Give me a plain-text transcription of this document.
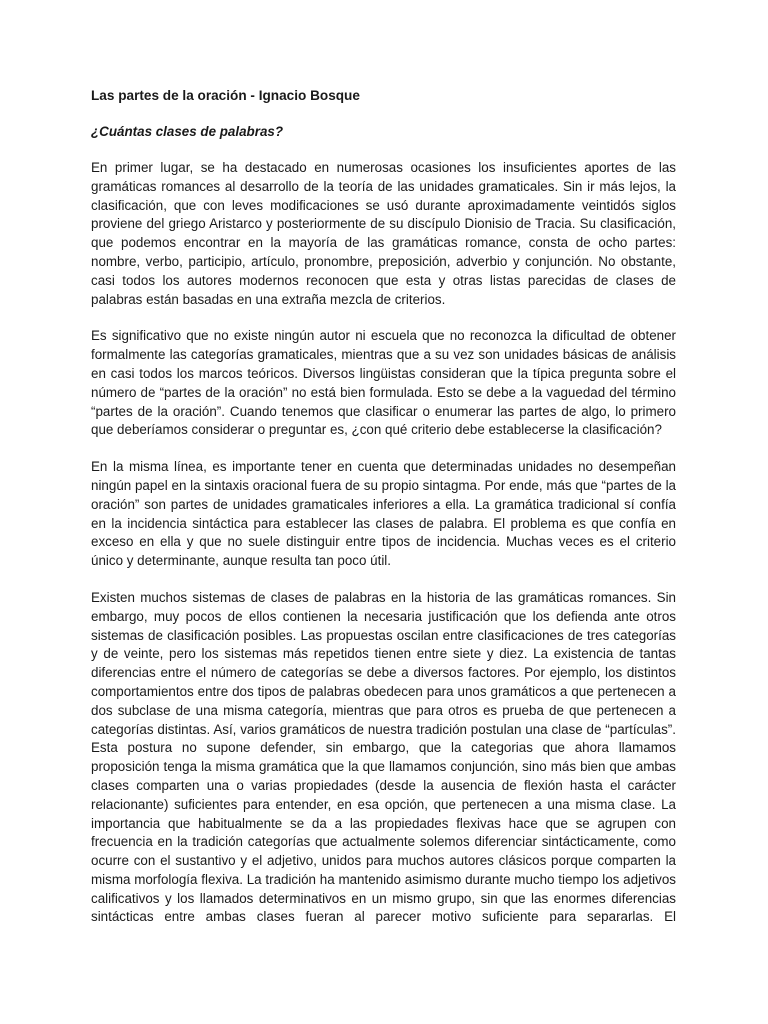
Las partes de la oración - Ignacio Bosque
¿Cuántas clases de palabras?

En primer lugar, se ha destacado en numerosas ocasiones los insuficientes aportes de las gramáticas romances al desarrollo de la teoría de las unidades gramaticales. Sin ir más lejos, la clasificación, que con leves modificaciones se usó durante aproximadamente veintidós siglos proviene del griego Aristarco y posteriormente de su discípulo Dionisio de Tracia. Su clasificación, que podemos encontrar en la mayoría de las gramáticas romance, consta de ocho partes: nombre, verbo, participio, artículo, pronombre, preposición, adverbio y conjunción. No obstante, casi todos los autores modernos reconocen que esta y otras listas parecidas de clases de palabras están basadas en una extraña mezcla de criterios.

Es significativo que no existe ningún autor ni escuela que no reconozca la dificultad de obtener formalmente las categorías gramaticales, mientras que a su vez son unidades básicas de análisis en casi todos los marcos teóricos. Diversos lingüistas consideran que la típica pregunta sobre el número de “partes de la oración” no está bien formulada. Esto se debe a la vaguedad del término “partes de la oración”. Cuando tenemos que clasificar o enumerar las partes de algo, lo primero que deberíamos considerar o preguntar es, ¿con qué criterio debe establecerse la clasificación?

En la misma línea, es importante tener en cuenta que determinadas unidades no desempeñan ningún papel en la sintaxis oracional fuera de su propio sintagma. Por ende, más que “partes de la oración” son partes de unidades gramaticales inferiores a ella. La gramática tradicional sí confía en la incidencia sintáctica para establecer las clases de palabra. El problema es que confía en exceso en ella y que no suele distinguir entre tipos de incidencia. Muchas veces es el criterio único y determinante, aunque resulta tan poco útil.

Existen muchos sistemas de clases de palabras en la historia de las gramáticas romances. Sin embargo, muy pocos de ellos contienen la necesaria justificación que los defienda ante otros sistemas de clasificación posibles. Las propuestas oscilan entre clasificaciones de tres categorías y de veinte, pero los sistemas más repetidos tienen entre siete y diez. La existencia de tantas diferencias entre el número de categorías se debe a diversos factores. Por ejemplo, los distintos comportamientos entre dos tipos de palabras obedecen para unos gramáticos a que pertenecen a dos subclase de una misma categoría, mientras que para otros es prueba de que pertenecen a categorías distintas. Así, varios gramáticos de nuestra tradición postulan una clase de “partículas”. Esta postura no supone defender, sin embargo, que la categorias que ahora llamamos proposición tenga la misma gramática que la que llamamos conjunción, sino más bien que ambas clases comparten una o varias propiedades (desde la ausencia de flexión hasta el carácter relacionante) suficientes para entender, en esa opción, que pertenecen a una misma clase. La importancia que habitualmente se da a las propiedades flexivas hace que se agrupen con frecuencia en la tradición categorías que actualmente solemos diferenciar sintácticamente, como ocurre con el sustantivo y el adjetivo, unidos para muchos autores clásicos porque comparten la misma morfología flexiva. La tradición ha mantenido asimismo durante mucho tiempo los adjetivos calificativos y los llamados determinativos en un mismo grupo, sin que las enormes diferencias sintácticas entre ambas clases fueran al parecer motivo suficiente para separarlas. El
